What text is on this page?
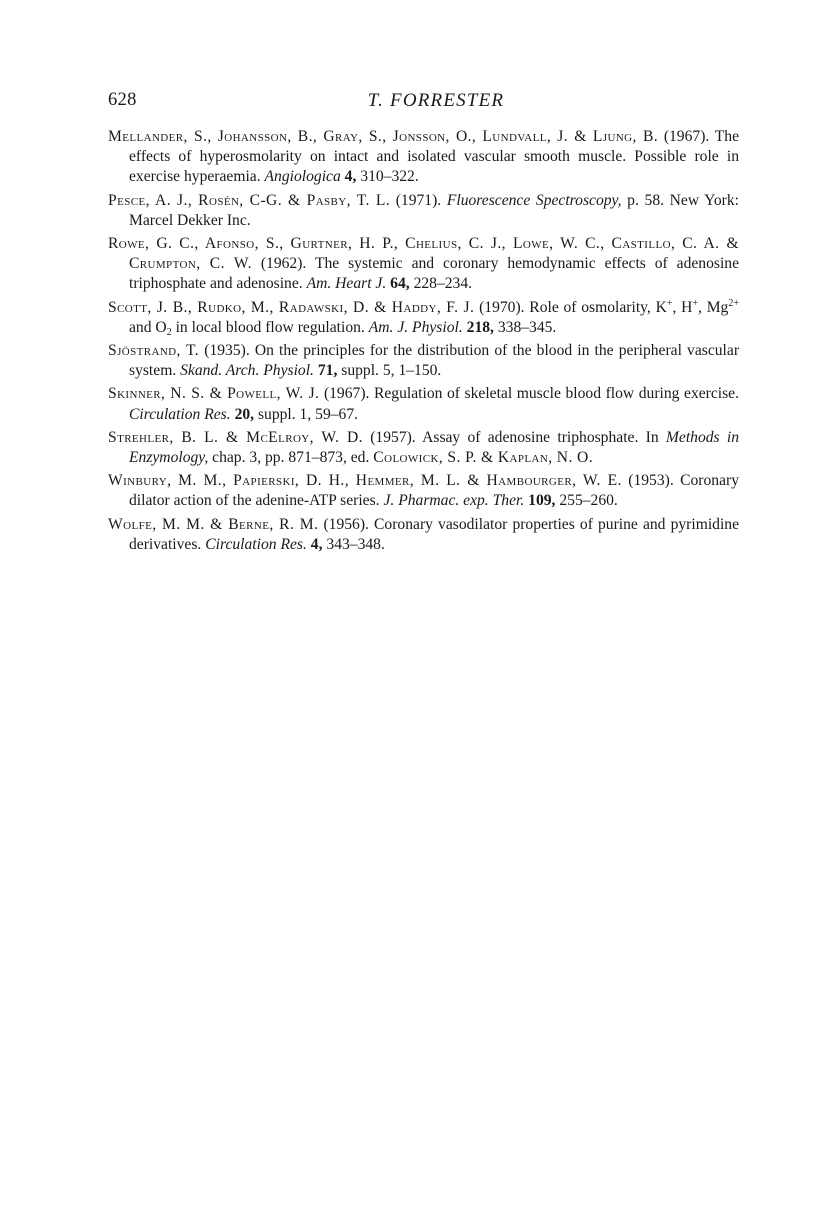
628	T. FORRESTER
Mellander, S., Johansson, B., Gray, S., Jonsson, O., Lundvall, J. & Ljung, B. (1967). The effects of hyperosmolarity on intact and isolated vascular smooth muscle. Possible role in exercise hyperaemia. Angiologica 4, 310–322.
Pesce, A. J., Rosén, C-G. & Pasby, T. L. (1971). Fluorescence Spectroscopy, p. 58. New York: Marcel Dekker Inc.
Rowe, G. C., Afonso, S., Gurtner, H. P., Chelius, C. J., Lowe, W. C., Castillo, C. A. & Crumpton, C. W. (1962). The systemic and coronary hemodynamic effects of adenosine triphosphate and adenosine. Am. Heart J. 64, 228–234.
Scott, J. B., Rudko, M., Radawski, D. & Haddy, F. J. (1970). Role of osmolarity, K+, H+, $Mg^{2+}$ and $O_2$ in local blood flow regulation. Am. J. Physiol. 218, 338–345.
Sjöstrand, T. (1935). On the principles for the distribution of the blood in the peripheral vascular system. Skand. Arch. Physiol. 71, suppl. 5, 1–150.
Skinner, N. S. & Powell, W. J. (1967). Regulation of skeletal muscle blood flow during exercise. Circulation Res. 20, suppl. 1, 59–67.
Strehler, B. L. & McElroy, W. D. (1957). Assay of adenosine triphosphate. In Methods in Enzymology, chap. 3, pp. 871–873, ed. Colowick, S. P. & Kaplan, N. O.
Winbury, M. M., Papierski, D. H., Hemmer, M. L. & Hambourger, W. E. (1953). Coronary dilator action of the adenine-ATP series. J. Pharmac. exp. Ther. 109, 255–260.
Wolfe, M. M. & Berne, R. M. (1956). Coronary vasodilator properties of purine and pyrimidine derivatives. Circulation Res. 4, 343–348.
